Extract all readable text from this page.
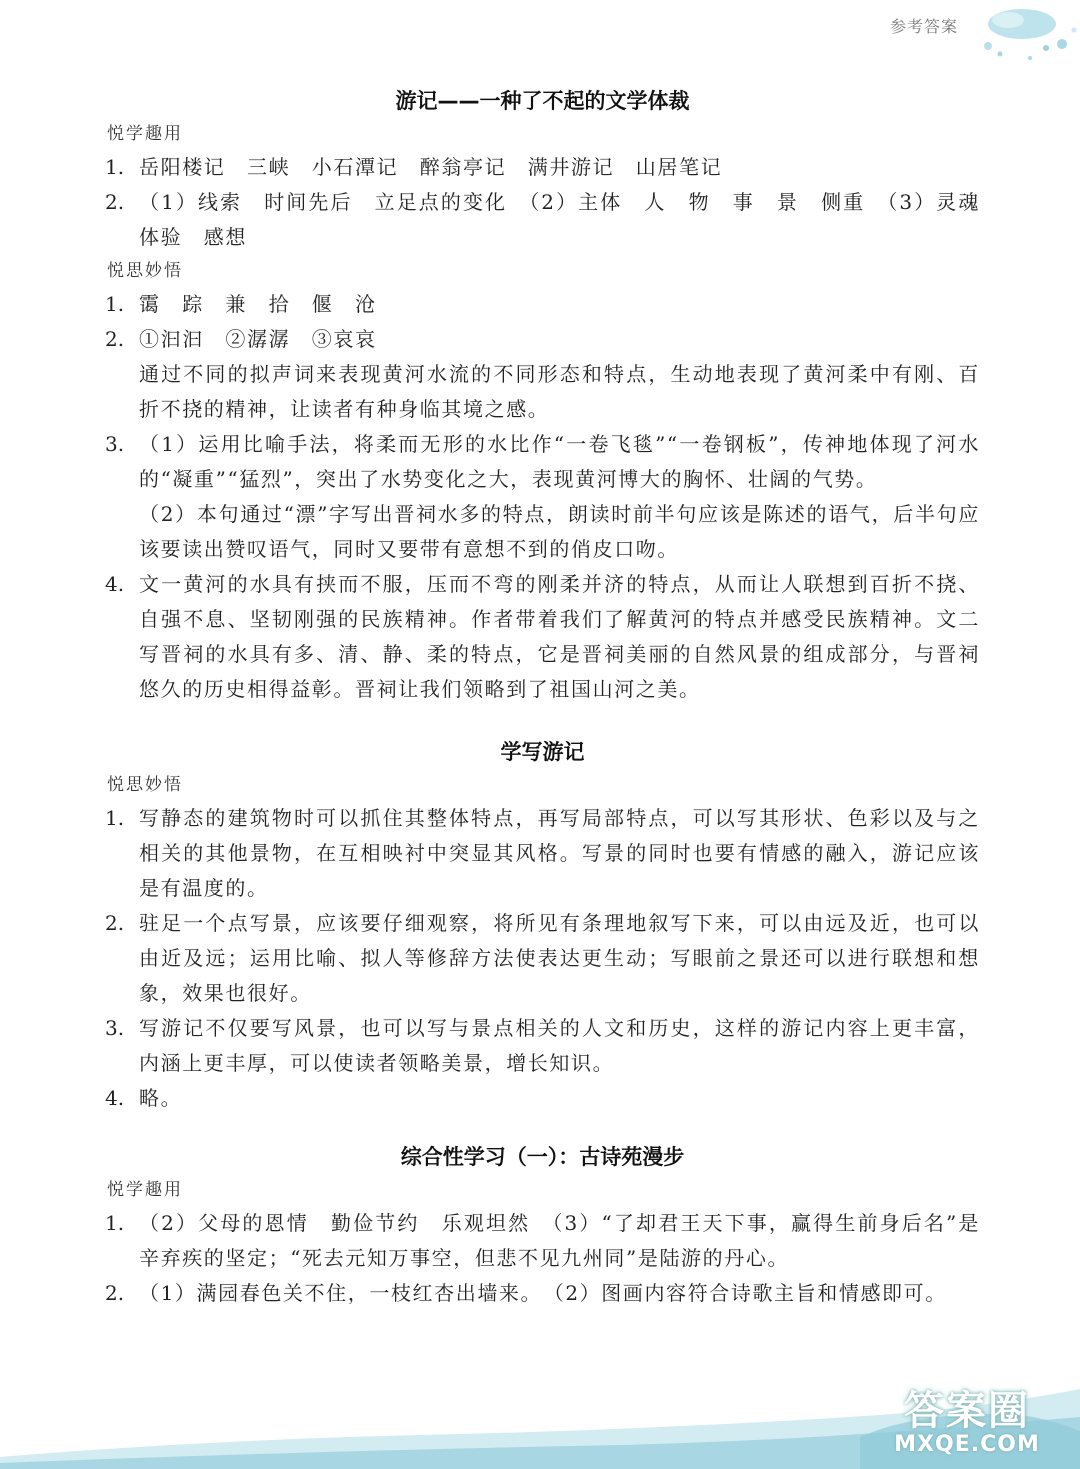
参考答案
答案圈
MXQE.COM
游记——一种了不起的文学体裁
悦学趣用
1. 岳阳楼记　三峡　小石潭记　醉翁亭记　满井游记　山居笔记
2. （1）线索　时间先后　立足点的变化　（2）主体　人　物　事　景　侧重　（3）灵魂　体验　感想
悦思妙悟
1. 霭　踪　兼　拾　偃　沧
2. ①汩汩　②潺潺　③哀哀

通过不同的拟声词来表现黄河水流的不同形态和特点，生动地表现了黄河柔中有刚、百折不挠的精神，让读者有种身临其境之感。

3. （1）运用比喻手法，将柔而无形的水比作“一卷飞毯”“一卷钢板”，传神地体现了河水的“凝重”“猛烈”，突出了水势变化之大，表现黄河博大的胸怀、壮阔的气势。

（2）本句通过“漂”字写出晋祠水多的特点，朗读时前半句应该是陈述的语气，后半句应该要读出赞叹语气，同时又要带有意想不到的俏皮口吻。

4. 文一黄河的水具有挟而不服，压而不弯的刚柔并济的特点，从而让人联想到百折不挠、自强不息、坚韧刚强的民族精神。作者带着我们了解黄河的特点并感受民族精神。文二写晋祠的水具有多、清、静、柔的特点，它是晋祠美丽的自然风景的组成部分，与晋祠悠久的历史相得益彰。晋祠让我们领略到了祖国山河之美。
学写游记
悦思妙悟
1. 写静态的建筑物时可以抓住其整体特点，再写局部特点，可以写其形状、色彩以及与之相关的其他景物，在互相映衬中突显其风格。写景的同时也要有情感的融入，游记应该是有温度的。
2. 驻足一个点写景，应该要仔细观察，将所见有条理地叙写下来，可以由远及近，也可以由近及远；运用比喻、拟人等修辞方法使表达更生动；写眼前之景还可以进行联想和想象，效果也很好。
3. 写游记不仅要写风景，也可以写与景点相关的人文和历史，这样的游记内容上更丰富，内涵上更丰厚，可以使读者领略美景，增长知识。
4. 略。
综合性学习（一）：古诗苑漫步
悦学趣用
1. （2）父母的恩情　勤俭节约　乐观坦然　（3）“了却君王天下事，赢得生前身后名”是辛弃疾的坚定；“死去元知万事空，但悲不见九州同”是陆游的丹心。
2. （1）满园春色关不住，一枝红杏出墙来。　（2）图画内容符合诗歌主旨和情感即可。
